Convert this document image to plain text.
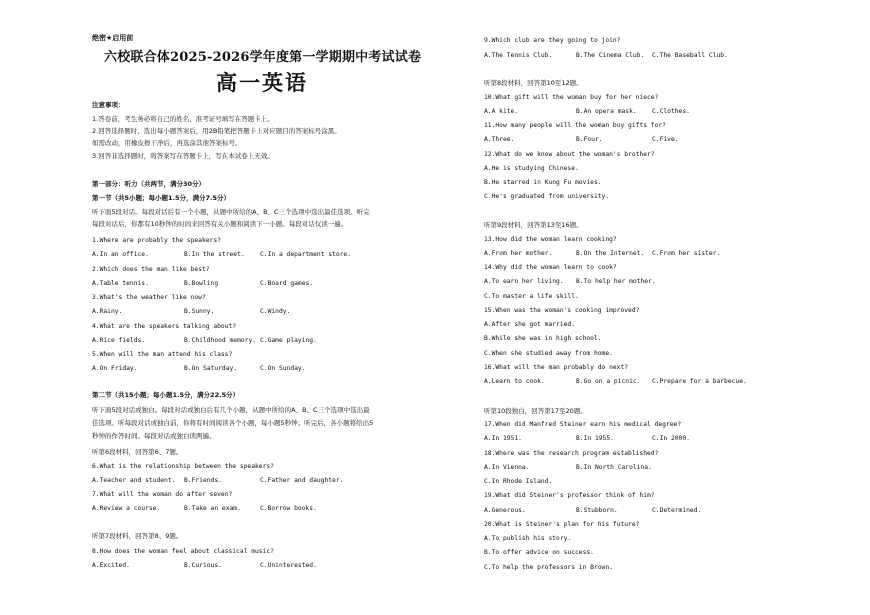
绝密★启用前
六校联合体2025-2026学年度第一学期期中考试试卷
高一英语
注意事项：
1.答卷前，考生务必将自己的姓名、准考证号填写在答题卡上。
2.回答选择题时，选出每小题答案后，用2B铅笔把答题卡上对应题目的答案标号涂黑。
如需改动，用橡皮擦干净后，再选涂其他答案标号。
3.回答非选择题时，将答案写在答题卡上，写在本试卷上无效。
第一部分：听力（共两节，满分30分）
第一节（共5小题；每小题1.5分，满分7.5分）
听下面5段对话。每段对话后有一个小题，从题中所给的A、B、C三个选项中选出最佳选项。听完
每段对话后，你都有10秒钟的时间来回答有关小题和阅读下一小题。每段对话仅读一遍。
1.Where are probably the speakers?
A.In an office.	B.In the street. C.In a department store.
2.Which does the man like best?
A.Table tennis.	B.Bowling	C.Board games.
3.What's the weather like now?
A.Rainy.	B.Sunny.	C.Windy.
4.What are the speakers talking about?
A.Rice fields.	B.Childhood memory. C.Game playing.
5.When will the man attend his class?
A.On Friday.	B.On Saturday.	C.On Sunday.
第二节（共15小题；每小题1.5分，满分22.5分）
听下面5段对话或独白。每段对话或独白后有几个小题，从题中所给的A、B、C三个选项中选出最
佳选项。听每段对话或独白前，你将有时间阅读各个小题，每小题5秒钟；听完后，各小题将给出5
秒钟的作答时间。每段对话或独白读两遍。
听第6段材料，回答第6、7题。
6.What is the relationship between the speakers?
A.Teacher and student. B.Friends.	C.Father and daughter.
7.What will the woman do after seven?
A.Review a course.	B.Take an exam.	C.Borrow books.
听第7段材料，回答第8、9题。
8.How does the woman feel about classical music?
A.Excited.	B.Curious.	C.Uninterested.
9.Which club are they going to join?
A.The Tennis Club.	B.The Cinema Club. C.The Baseball Club.
听第8段材料，回答第10至12题。
10.What gift will the woman buy for her niece?
A.A kite.	B.An opera mask. C.Clothes.
11.How many people will the woman buy gifts for?
A.Three.	B.Four.	C.Five.
12.What do we know about the woman's brother?
A.He is studying Chinese.
B.He starred in Kung Fu movies.
C.He's graduated from university.
听第9段材料，回答第13至16题。
13.How did the woman learn cooking?
A.From her mother.	B.On the Internet. C.From her sister.
14.Why did the woman learn to cook?
A.To earn her living. B.To help her mother.
C.To master a life skill.
15.When was the woman's cooking improved?
A.After she got married.
B.While she was in high school.
C.When she studied away from home.
16.What will the man probably do next?
A.Learn to cook.	B.Go on a picnic. C.Prepare for a barbecue.
听第10段独白，回答第17至20题。
17.When did Manfred Steiner earn his medical degree?
A.In 1951.	B.In 1955.	C.In 2000.
18.Where was the research program established?
A.In Vienna.	B.In North Carolina.
C.In Rhode Island.
19.What did Steiner's professor think of him?
A.Generous.	B.Stubborn.	C.Determined.
20.What is Steiner's plan for his future?
A.To publish his story.
B.To offer advice on success.
C.To help the professors in Brown.
